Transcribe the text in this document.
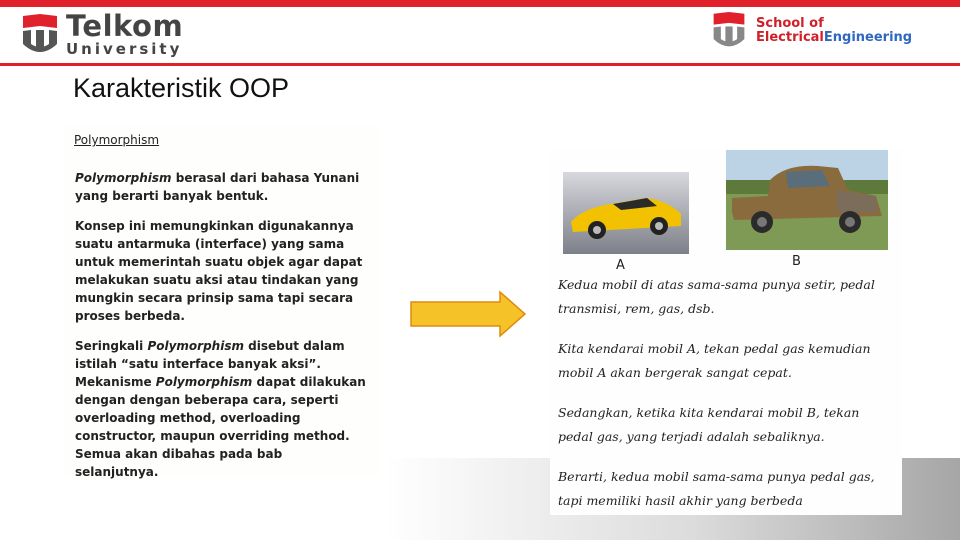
Telkom
University
School of
ElectricalEngineering
Karakteristik OOP
Polymorphism

Polymorphism berasal dari bahasa Yunani yang berarti banyak bentuk.

Konsep ini memungkinkan digunakannya suatu antarmuka (interface) yang sama untuk memerintah suatu objek agar dapat melakukan suatu aksi atau tindakan yang mungkin secara prinsip sama tapi secara proses berbeda.

Seringkali Polymorphism disebut dalam istilah “satu interface banyak aksi”. Mekanisme Polymorphism dapat dilakukan dengan dengan beberapa cara, seperti overloading method, overloading constructor, maupun overriding method. Semua akan dibahas pada bab selanjutnya.

A	B

Kedua mobil di atas sama-sama punya setir, pedal transmisi, rem, gas, dsb.

Kita kendarai mobil A, tekan pedal gas kemudian mobil A akan bergerak sangat cepat.

Sedangkan, ketika kita kendarai mobil B, tekan pedal gas, yang terjadi adalah sebaliknya.

Berarti, kedua mobil sama-sama punya pedal gas, tapi memiliki hasil akhir yang berbeda
